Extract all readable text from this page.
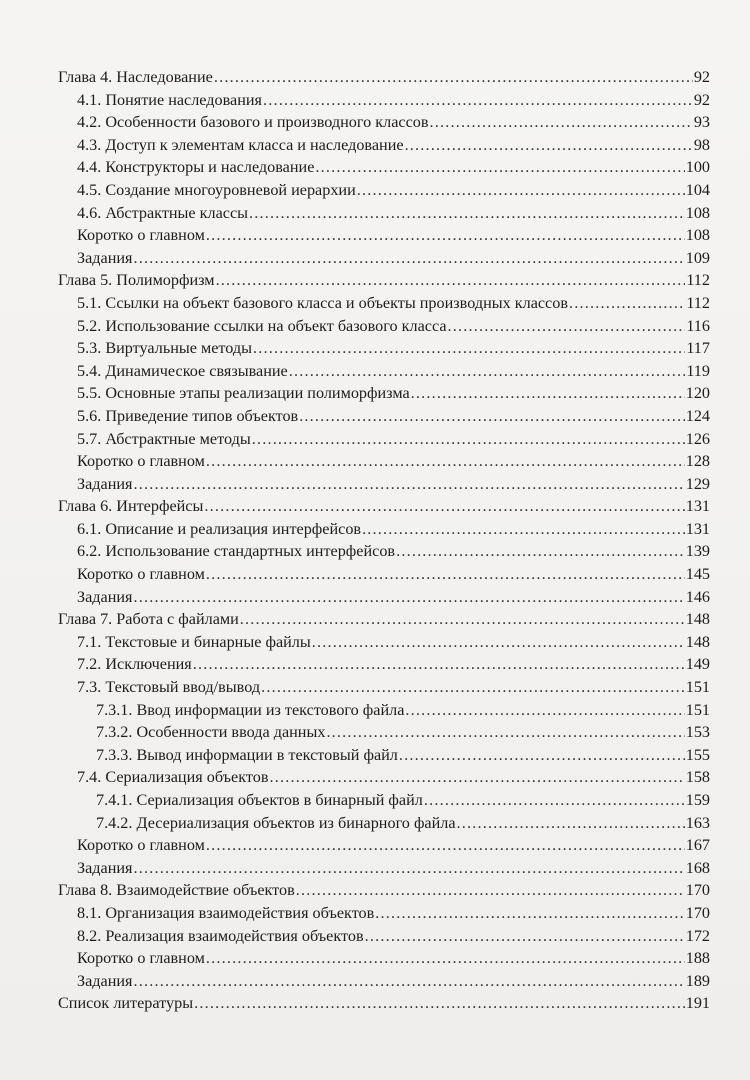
Глава 4. Наследование .....	92
4.1. Понятие наследования .....	92
4.2. Особенности базового и производного классов .....	93
4.3. Доступ к элементам класса и наследование .....	98
4.4. Конструкторы и наследование .....	100
4.5. Создание многоуровневой иерархии .....	104
4.6. Абстрактные классы .....	108
Коротко о главном .....	108
Задания .....	109
Глава 5. Полиморфизм .....	112
5.1. Ссылки на объект базового класса и объекты производных классов .....	112
5.2. Использование ссылки на объект базового класса .....	116
5.3. Виртуальные методы .....	117
5.4. Динамическое связывание .....	119
5.5. Основные этапы реализации полиморфизма .....	120
5.6. Приведение типов объектов .....	124
5.7. Абстрактные методы .....	126
Коротко о главном .....	128
Задания .....	129
Глава 6. Интерфейсы .....	131
6.1. Описание и реализация интерфейсов .....	131
6.2. Использование стандартных интерфейсов .....	139
Коротко о главном .....	145
Задания .....	146
Глава 7. Работа с файлами .....	148
7.1. Текстовые и бинарные файлы .....	148
7.2. Исключения .....	149
7.3. Текстовый ввод/вывод .....	151
7.3.1. Ввод информации из текстового файла .....	151
7.3.2. Особенности ввода данных .....	153
7.3.3. Вывод информации в текстовый файл .....	155
7.4. Сериализация объектов .....	158
7.4.1. Сериализация объектов в бинарный файл .....	159
7.4.2. Десериализация объектов из бинарного файла .....	163
Коротко о главном .....	167
Задания .....	168
Глава 8. Взаимодействие объектов .....	170
8.1. Организация взаимодействия объектов .....	170
8.2. Реализация взаимодействия объектов .....	172
Коротко о главном .....	188
Задания .....	189
Список литературы .....	191
